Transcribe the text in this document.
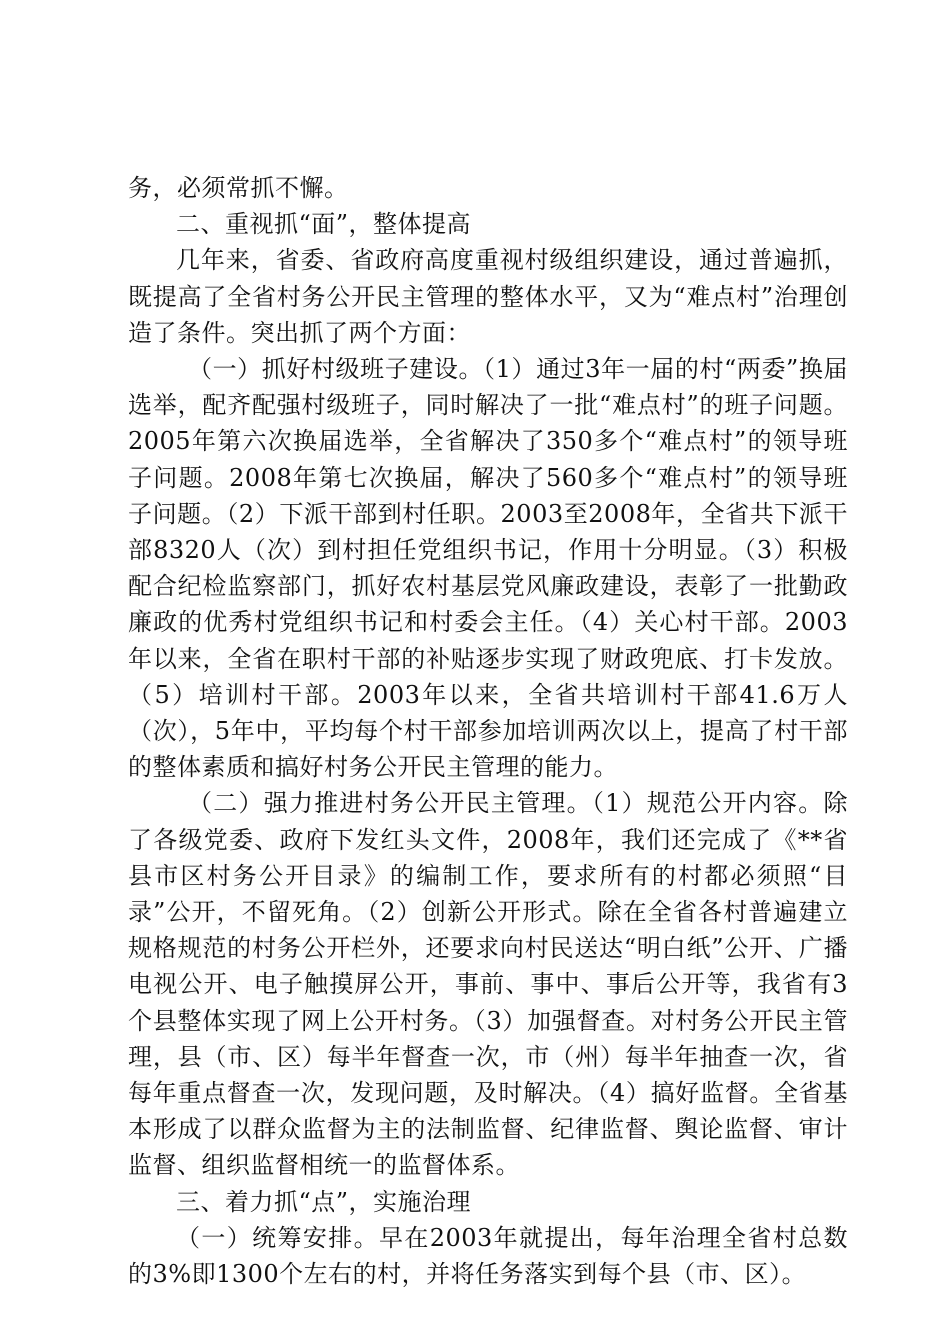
务，必须常抓不懈。

二、重视抓“面”，整体提高

几年来，省委、省政府高度重视村级组织建设，通过普遍抓，既提高了全省村务公开民主管理的整体水平，又为“难点村”治理创造了条件。突出抓了两个方面：

（一）抓好村级班子建设。（1）通过3年一届的村“两委”换届选举，配齐配强村级班子，同时解决了一批“难点村”的班子问题。2005年第六次换届选举，全省解决了350多个“难点村”的领导班子问题。2008年第七次换届，解决了560多个“难点村”的领导班子问题。（2）下派干部到村任职。2003至2008年，全省共下派干部8320人（次）到村担任党组织书记，作用十分明显。（3）积极配合纪检监察部门，抓好农村基层党风廉政建设，表彰了一批勤政廉政的优秀村党组织书记和村委会主任。（4）关心村干部。2003年以来，全省在职村干部的补贴逐步实现了财政兜底、打卡发放。（5）培训村干部。2003年以来，全省共培训村干部41.6万人（次），5年中，平均每个村干部参加培训两次以上，提高了村干部的整体素质和搞好村务公开民主管理的能力。

（二）强力推进村务公开民主管理。（1）规范公开内容。除了各级党委、政府下发红头文件，2008年，我们还完成了《**省县市区村务公开目录》的编制工作，要求所有的村都必须照“目录”公开，不留死角。（2）创新公开形式。除在全省各村普遍建立规格规范的村务公开栏外，还要求向村民送达“明白纸”公开、广播电视公开、电子触摸屏公开，事前、事中、事后公开等，我省有3个县整体实现了网上公开村务。（3）加强督查。对村务公开民主管理，县（市、区）每半年督查一次，市（州）每半年抽查一次，省每年重点督查一次，发现问题，及时解决。（4）搞好监督。全省基本形成了以群众监督为主的法制监督、纪律监督、舆论监督、审计监督、组织监督相统一的监督体系。

三、着力抓“点”，实施治理

（一）统筹安排。早在2003年就提出，每年治理全省村总数的3%即1300个左右的村，并将任务落实到每个县（市、区）。
